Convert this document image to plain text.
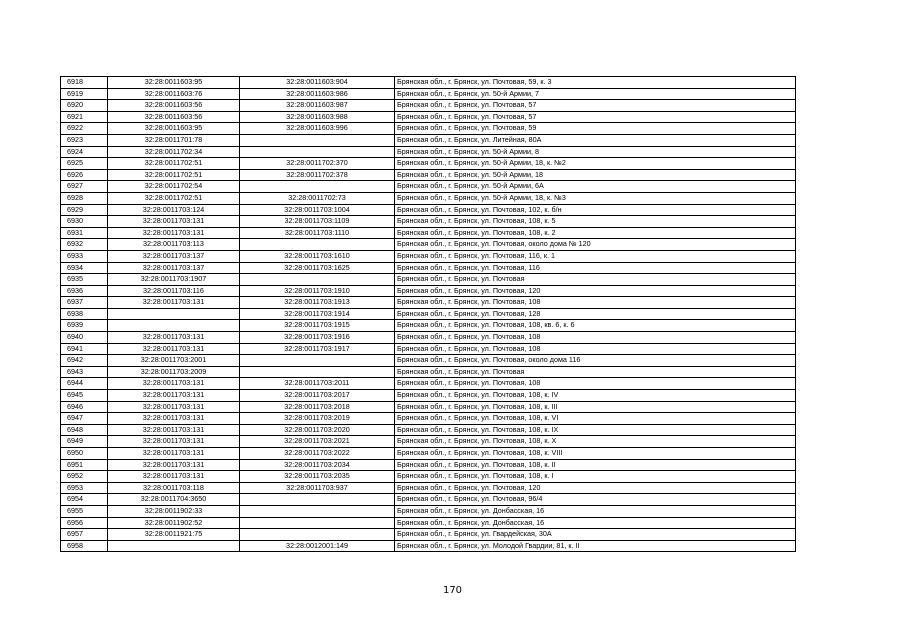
6918	32:28:0011603:95	32:28:0011603:904	Брянская обл., г. Брянск, ул. Почтовая, 59, к. 3
6919	32:28:0011603:76	32:28:0011603:986	Брянская обл., г. Брянск, ул. 50-й Армии, 7
6920	32:28:0011603:56	32:28:0011603:987	Брянская обл., г. Брянск, ул. Почтовая, 57
6921	32:28:0011603:56	32:28:0011603:988	Брянская обл., г. Брянск, ул. Почтовая, 57
6922	32:28:0011603:95	32:28:0011603:996	Брянская обл., г. Брянск, ул. Почтовая, 59
6923	32:28:0011701:78		Брянская обл., г. Брянск, ул. Литейная, 80А
6924	32:28:0011702:34		Брянская обл., г. Брянск, ул. 50-й Армии, 8
6925	32:28:0011702:51	32:28:0011702:370	Брянская обл., г. Брянск, ул. 50-й Армии, 18, к. №2
6926	32:28:0011702:51	32:28:0011702:378	Брянская обл., г. Брянск, ул. 50-й Армии, 18
6927	32:28:0011702:54		Брянская обл., г. Брянск, ул. 50-й Армии, 6А
6928	32:28:0011702:51	32:28:0011702:73	Брянская обл., г. Брянск, ул. 50-й Армии, 18, к. №3
6929	32:28:0011703:124	32:28:0011703:1004	Брянская обл., г. Брянск, ул. Почтовая, 102, к. б/н
6930	32:28:0011703:131	32:28:0011703:1109	Брянская обл., г. Брянск, ул. Почтовая, 108, к. 5
6931	32:28:0011703:131	32:28:0011703:1110	Брянская обл., г. Брянск, ул. Почтовая, 108, к. 2
6932	32:28:0011703:113		Брянская обл., г. Брянск, ул. Почтовая, около дома № 120
6933	32:28:0011703:137	32:28:0011703:1610	Брянская обл., г. Брянск, ул. Почтовая, 116, к. 1
6934	32:28:0011703:137	32:28:0011703:1625	Брянская обл., г. Брянск, ул. Почтовая, 116
6935	32:28:0011703:1907		Брянская обл., г. Брянск, ул. Почтовая
6936	32:28:0011703:116	32:28:0011703:1910	Брянская обл., г. Брянск, ул. Почтовая, 120
6937	32:28:0011703:131	32:28:0011703:1913	Брянская обл., г. Брянск, ул. Почтовая, 108
6938		32:28:0011703:1914	Брянская обл., г. Брянск, ул. Почтовая, 128
6939		32:28:0011703:1915	Брянская обл., г. Брянск, ул. Почтовая, 108, кв. 6, к. 6
6940	32:28:0011703:131	32:28:0011703:1916	Брянская обл., г. Брянск, ул. Почтовая, 108
6941	32:28:0011703:131	32:28:0011703:1917	Брянская обл., г. Брянск, ул. Почтовая, 108
6942	32:28:0011703:2001		Брянская обл., г. Брянск, ул. Почтовая, около дома 116
6943	32:28:0011703:2009		Брянская обл., г. Брянск, ул. Почтовая
6944	32:28:0011703:131	32:28:0011703:2011	Брянская обл., г. Брянск, ул. Почтовая, 108
6945	32:28:0011703:131	32:28:0011703:2017	Брянская обл., г. Брянск, ул. Почтовая, 108, к. IV
6946	32:28:0011703:131	32:28:0011703:2018	Брянская обл., г. Брянск, ул. Почтовая, 108, к. III
6947	32:28:0011703:131	32:28:0011703:2019	Брянская обл., г. Брянск, ул. Почтовая, 108, к. VI
6948	32:28:0011703:131	32:28:0011703:2020	Брянская обл., г. Брянск, ул. Почтовая, 108, к. IX
6949	32:28:0011703:131	32:28:0011703:2021	Брянская обл., г. Брянск, ул. Почтовая, 108, к. X
6950	32:28:0011703:131	32:28:0011703:2022	Брянская обл., г. Брянск, ул. Почтовая, 108, к. VIII
6951	32:28:0011703:131	32:28:0011703:2034	Брянская обл., г. Брянск, ул. Почтовая, 108, к. II
6952	32:28:0011703:131	32:28:0011703:2035	Брянская обл., г. Брянск, ул. Почтовая, 108, к. I
6953	32:28:0011703:118	32:28:0011703:937	Брянская обл., г. Брянск, ул. Почтовая, 120
6954	32:28:0011704:3650		Брянская обл., г. Брянск, ул. Почтовая, 96/4
6955	32:28:0011902:33		Брянская обл., г. Брянск, ул. Донбасская, 16
6956	32:28:0011902:52		Брянская обл., г. Брянск, ул. Донбасская, 16
6957	32:28:0011921:75		Брянская обл., г. Брянск, ул. Гвардейская, 30А
6958		32:28:0012001:149	Брянская обл., г. Брянск, ул. Молодой Гвардии, 81, к. II
170
